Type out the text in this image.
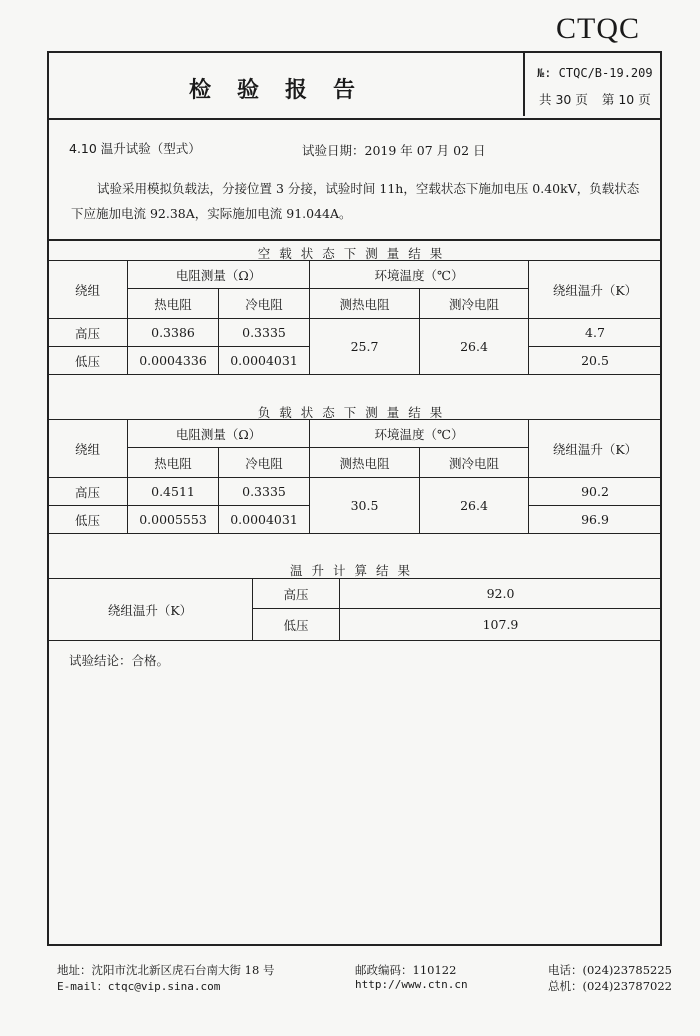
CTQC
检验报告
№: CTQC/B-19.209
共 30 页 第 10 页
4.10 温升试验（型式）	试验日期：2019 年 07 月 02 日
试验采用模拟负载法，分接位置 3 分接，试验时间 11h，空载状态下施加电压 0.40kV，负载状态下应施加电流 92.38A，实际施加电流 91.044A。
空载状态下测量结果
绕组	电阻测量（Ω）		环境温度（℃）		绕组温升（K）
	热电阻	冷电阻	测热电阻	测冷电阻	
高压	0.3386	0.3335	25.7	26.4	4.7
低压	0.0004336	0.0004031			20.5
负载状态下测量结果
绕组	电阻测量（Ω）		环境温度（℃）		绕组温升（K）
	热电阻	冷电阻	测热电阻	测冷电阻	
高压	0.4511	0.3335	30.5	26.4	90.2
低压	0.0005553	0.0004031			96.9
温升计算结果
绕组温升（K）	高压	92.0
	低压	107.9
试验结论：合格。
地址：沈阳市沈北新区虎石台南大街 18 号
E-mail：ctqc@vip.sina.com
邮政编码：110122
http://www.ctn.cn
电话：(024)23785225
总机：(024)23787022
